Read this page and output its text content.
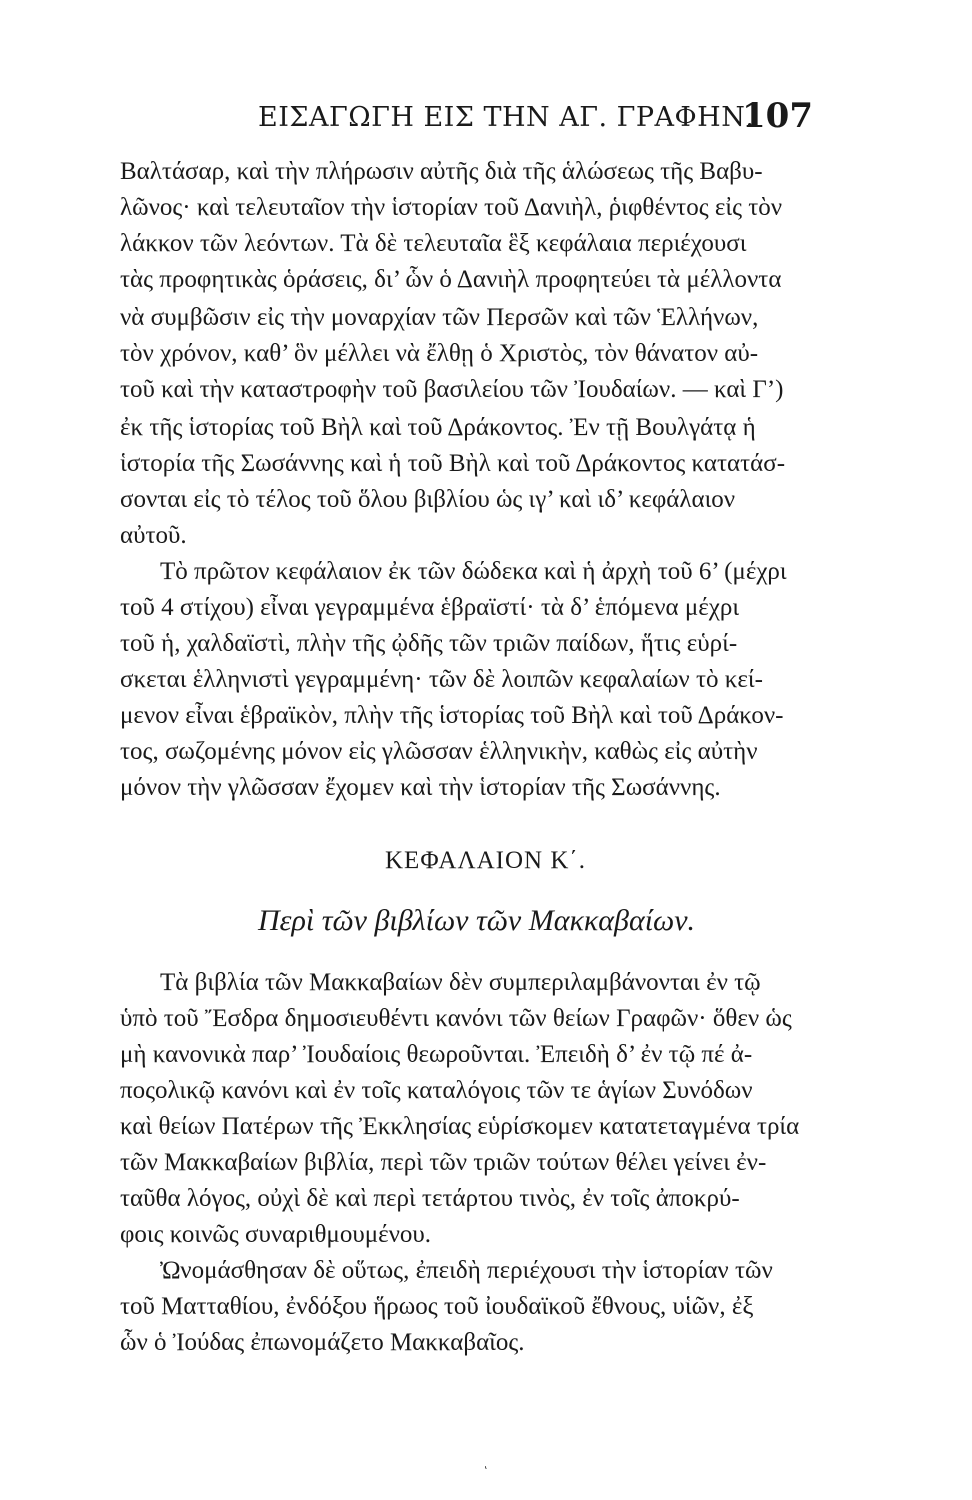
ΕΙΣΑΓΩΓΗ ΕΙΣ ΤΗΝ ΑΓ. ΓΡΑΦΗΝ.
107
Βαλτάσαρ, καὶ τὴν πλήρωσιν αὐτῆς διὰ τῆς ἁλώσεως τῆς Βαβυ-
λῶνος· καὶ τελευταῖον τὴν ἱστορίαν τοῦ Δανιὴλ, ῥιφθέντος εἰς τὸν
λάκκον τῶν λεόντων. Τὰ δὲ τελευταῖα ἓξ κεφάλαια περιέχουσι
τὰς προφητικὰς ὁράσεις, δι’ ὧν ὁ Δανιὴλ προφητεύει τὰ μέλλοντα
νὰ συμβῶσιν εἰς τὴν μοναρχίαν τῶν Περσῶν καὶ τῶν Ἑλλήνων,
τὸν χρόνον, καθ’ ὃν μέλλει νὰ ἔλθῃ ὁ Χριστὸς, τὸν θάνατον αὐ-
τοῦ καὶ τὴν καταστροφὴν τοῦ βασιλείου τῶν Ἰουδαίων. — καὶ Γ’)
ἐκ τῆς ἱστορίας τοῦ Βὴλ καὶ τοῦ Δράκοντος. Ἐν τῇ Βουλγάτᾳ ἡ
ἱστορία τῆς Σωσάννης καὶ ἡ τοῦ Βὴλ καὶ τοῦ Δράκοντος κατατάσ-
σονται εἰς τὸ τέλος τοῦ ὅλου βιβλίου ὡς ιγ’ καὶ ιδ’ κεφάλαιον
αὐτοῦ.
Τὸ πρῶτον κεφάλαιον ἐκ τῶν δώδεκα καὶ ἡ ἀρχὴ τοῦ 6’ (μέχρι
τοῦ 4 στίχου) εἶναι γεγραμμένα ἑβραϊστί· τὰ δ’ ἑπόμενα μέχρι
τοῦ ἡ, χαλδαϊστὶ, πλὴν τῆς ᾠδῆς τῶν τριῶν παίδων, ἥτις εὑρί-
σκεται ἑλληνιστὶ γεγραμμένη· τῶν δὲ λοιπῶν κεφαλαίων τὸ κεί-
μενον εἶναι ἑβραϊκὸν, πλὴν τῆς ἱστορίας τοῦ Βὴλ καὶ τοῦ Δράκον-
τος, σωζομένης μόνον εἰς γλῶσσαν ἑλληνικὴν, καθὼς εἰς αὐτὴν
μόνον τὴν γλῶσσαν ἔχομεν καὶ τὴν ἱστορίαν τῆς Σωσάννης.
ΚΕΦΑΛΑΙΟΝ Κ΄.
Περὶ τῶν βιβλίων τῶν Μακκαβαίων.
Τὰ βιβλία τῶν Μακκαβαίων δὲν συμπεριλαμβάνονται ἐν τῷ
ὑπὸ τοῦ Ἔσδρα δημοσιευθέντι κανόνι τῶν θείων Γραφῶν· ὅθεν ὡς
μὴ κανονικὰ παρ’ Ἰουδαίοις θεωροῦνται. Ἐπειδὴ δ’ ἐν τῷ πέ ἀ-
ποςολικῷ κανόνι καὶ ἐν τοῖς καταλόγοις τῶν τε ἁγίων Συνόδων
καὶ θείων Πατέρων τῆς Ἐκκλησίας εὑρίσκομεν κατατεταγμένα τρία
τῶν Μακκαβαίων βιβλία, περὶ τῶν τριῶν τούτων θέλει γείνει ἐν-
ταῦθα λόγος, οὐχὶ δὲ καὶ περὶ τετάρτου τινὸς, ἐν τοῖς ἀποκρύ-
φοις κοινῶς συναριθμουμένου.
Ὠνομάσθησαν δὲ οὕτως, ἐπειδὴ περιέχουσι τὴν ἱστορίαν τῶν
τοῦ Ματταθίου, ἐνδόξου ἥρωος τοῦ ἰουδαϊκοῦ ἔθνους, υἱῶν, ἐξ
ὧν ὁ Ἰούδας ἐπωνομάζετο Μακκαβαῖος.
